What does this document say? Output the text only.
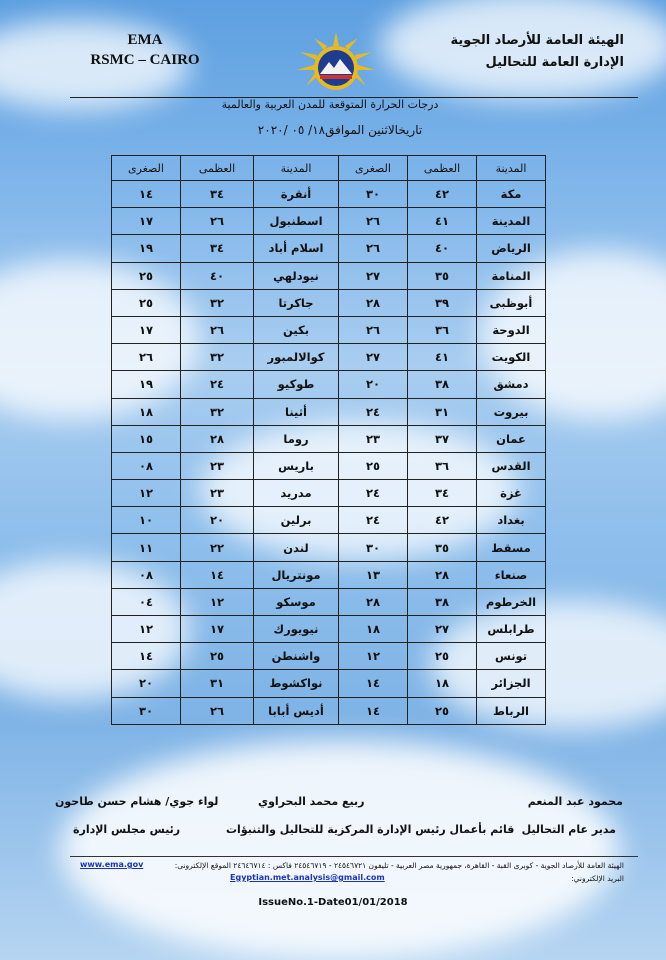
EMA
RSMC – CAIRO
الهيئة العامة للأرصاد الجوية
الإدارة العامة للتحاليل
درجات الحرارة المتوقعة للمدن العربية والعالمية
تاريخالاثنين الموافق١٨/ ٠٥ /٢٠٢٠
المدينة	العظمى	الصغرى	المدينة	العظمى	الصغرى
مكة	٤٢	٣٠	أنقرة	٣٤	١٤
المدينة	٤١	٢٦	اسطنبول	٢٦	١٧
الرياض	٤٠	٢٦	اسلام أباد	٣٤	١٩
المنامة	٣٥	٢٧	نيودلهي	٤٠	٢٥
أبوظبى	٣٩	٢٨	جاكرتا	٣٢	٢٥
الدوحة	٣٦	٢٦	بكين	٢٦	١٧
الكويت	٤١	٢٧	كوالالمبور	٣٢	٢٦
دمشق	٣٨	٢٠	طوكيو	٢٤	١٩
بيروت	٣١	٢٤	أثينا	٣٢	١٨
عمان	٣٧	٢٣	روما	٢٨	١٥
القدس	٣٦	٢٥	باريس	٢٣	٠٨
غزة	٣٤	٢٤	مدريد	٢٣	١٢
بغداد	٤٢	٢٤	برلين	٢٠	١٠
مسقط	٣٥	٣٠	لندن	٢٢	١١
صنعاء	٢٨	١٣	مونتريال	١٤	٠٨
الخرطوم	٣٨	٢٨	موسكو	١٢	٠٤
طرابلس	٢٧	١٨	نيويورك	١٧	١٢
تونس	٢٥	١٢	واشنطن	٢٥	١٤
الجزائر	١٨	١٤	نواكشوط	٣١	٢٠
الرباط	٢٥	١٤	أديس أبابا	٢٦	٣٠
محمود عبد المنعم
مدير عام التحاليل
ربيع محمد البحراوي
قائم بأعمال رئيس الإدارة المركزية للتحاليل والتنبؤات
لواء جوي/ هشام حسن طاحون
رئيس مجلس الإدارة
الهيئة العامة للأرصاد الجوية - كوبرى القبة - القاهرة، جمهورية مصر العربية - تليفون ٢٤٥٤٦٧٢١ - ٢٤٥٤٦٧١٩ فاكس : ٢٤٦٤٦٧١٤ الموقع الإلكترونى:
www.ema.gov
البريد الإلكتروني:
Egyptian.met.analysis@gmail.com
IssueNo.1-Date01/01/2018
